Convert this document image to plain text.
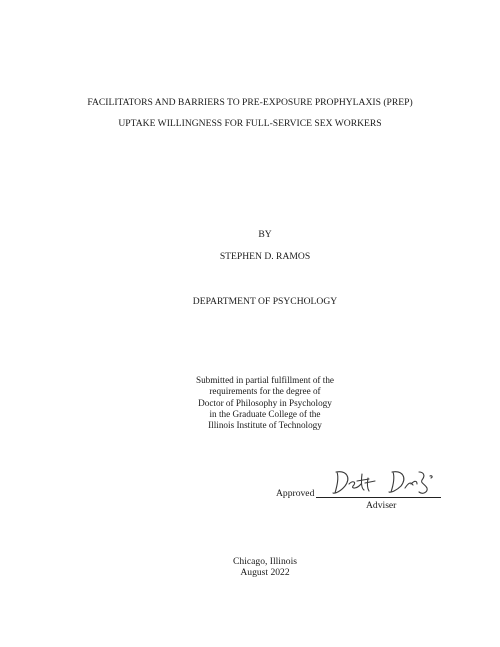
FACILITATORS AND BARRIERS TO PRE-EXPOSURE PROPHYLAXIS (PREP)
UPTAKE WILLINGNESS FOR FULL-SERVICE SEX WORKERS
BY
STEPHEN D. RAMOS
DEPARTMENT OF PSYCHOLOGY
Submitted in partial fulfillment of the
requirements for the degree of
Doctor of Philosophy in Psychology
in the Graduate College of the
Illinois Institute of Technology
Approved
Adviser
Chicago, Illinois
August 2022
